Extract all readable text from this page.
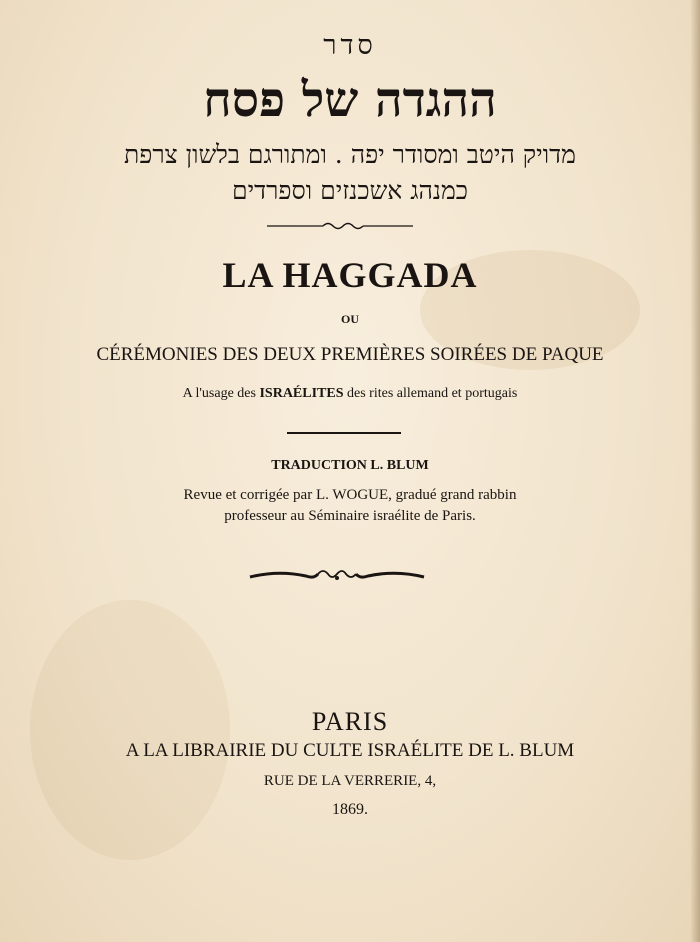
סדר
ההגדה של פסח
מדויק היטב ומסודר יפה . ומתורגם בלשון צרפת
כמנהג אשכנזים וספרדים
LA HAGGADA
OU
CÉRÉMONIES DES DEUX PREMIÈRES SOIRÉES DE PAQUE
A l'usage des ISRAÉLITES des rites allemand et portugais
TRADUCTION L. BLUM
Revue et corrigée par L. WOGUE, gradué grand rabbin
professeur au Séminaire israélite de Paris.
PARIS
A LA LIBRAIRIE DU CULTE ISRAÉLITE DE L. BLUM
RUE DE LA VERRERIE, 4,
1869.
